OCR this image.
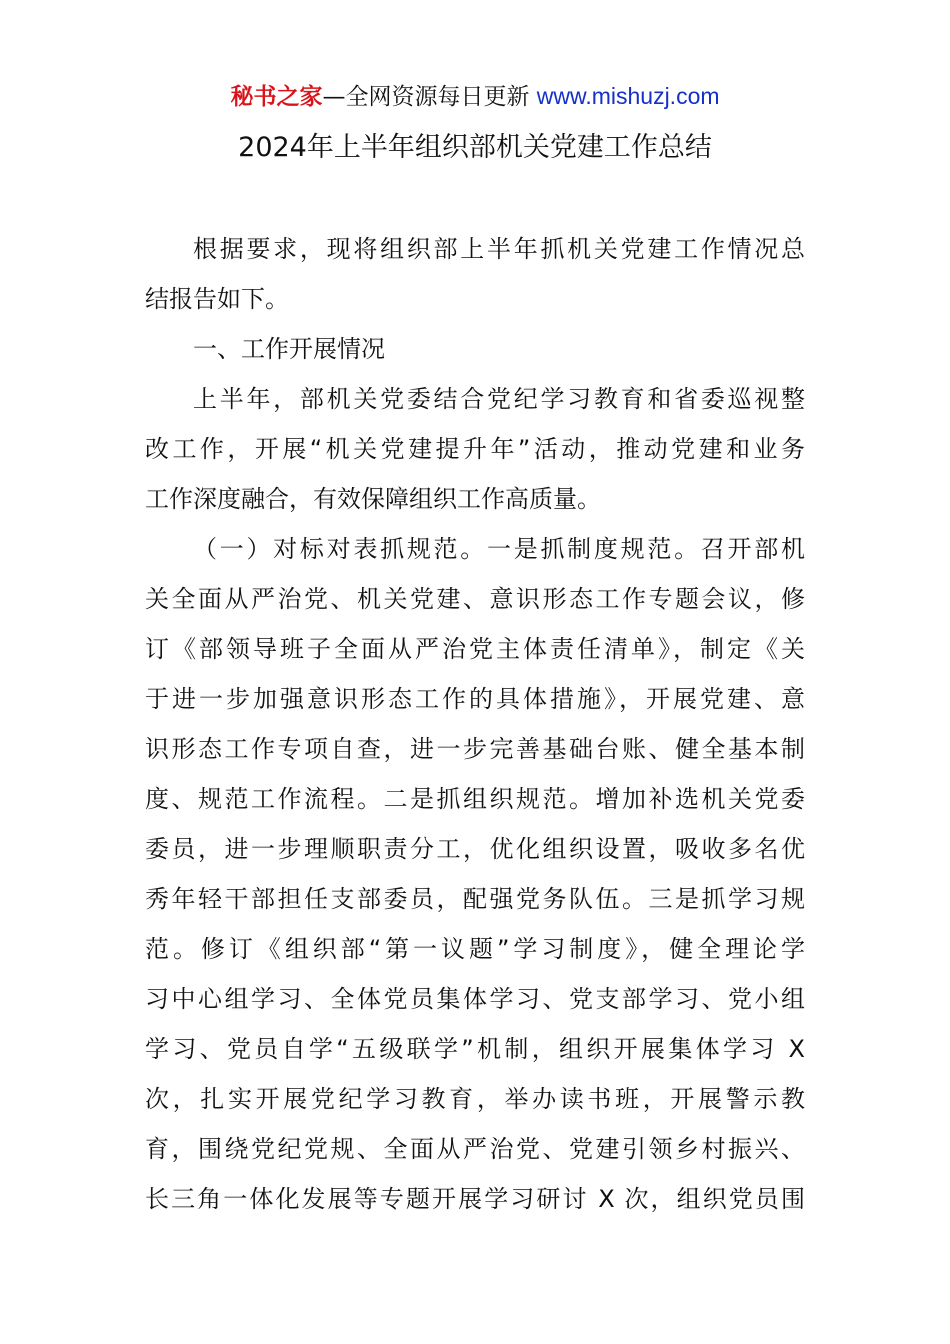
秘书之家—全网资源每日更新 www.mishuzj.com
2024年上半年组织部机关党建工作总结
根据要求，现将组织部上半年抓机关党建工作情况总
结报告如下。
一、工作开展情况
上半年，部机关党委结合党纪学习教育和省委巡视整
改工作，开展“机关党建提升年”活动，推动党建和业务
工作深度融合，有效保障组织工作高质量。
（一）对标对表抓规范。一是抓制度规范。召开部机
关全面从严治党、机关党建、意识形态工作专题会议，修
订《部领导班子全面从严治党主体责任清单》，制定《关
于进一步加强意识形态工作的具体措施》，开展党建、意
识形态工作专项自查，进一步完善基础台账、健全基本制
度、规范工作流程。二是抓组织规范。增加补选机关党委
委员，进一步理顺职责分工，优化组织设置，吸收多名优
秀年轻干部担任支部委员，配强党务队伍。三是抓学习规
范。修订《组织部“第一议题”学习制度》，健全理论学
习中心组学习、全体党员集体学习、党支部学习、党小组
学习、党员自学“五级联学”机制，组织开展集体学习 X
次，扎实开展党纪学习教育，举办读书班，开展警示教
育，围绕党纪党规、全面从严治党、党建引领乡村振兴、
长三角一体化发展等专题开展学习研讨 X 次，组织党员围
